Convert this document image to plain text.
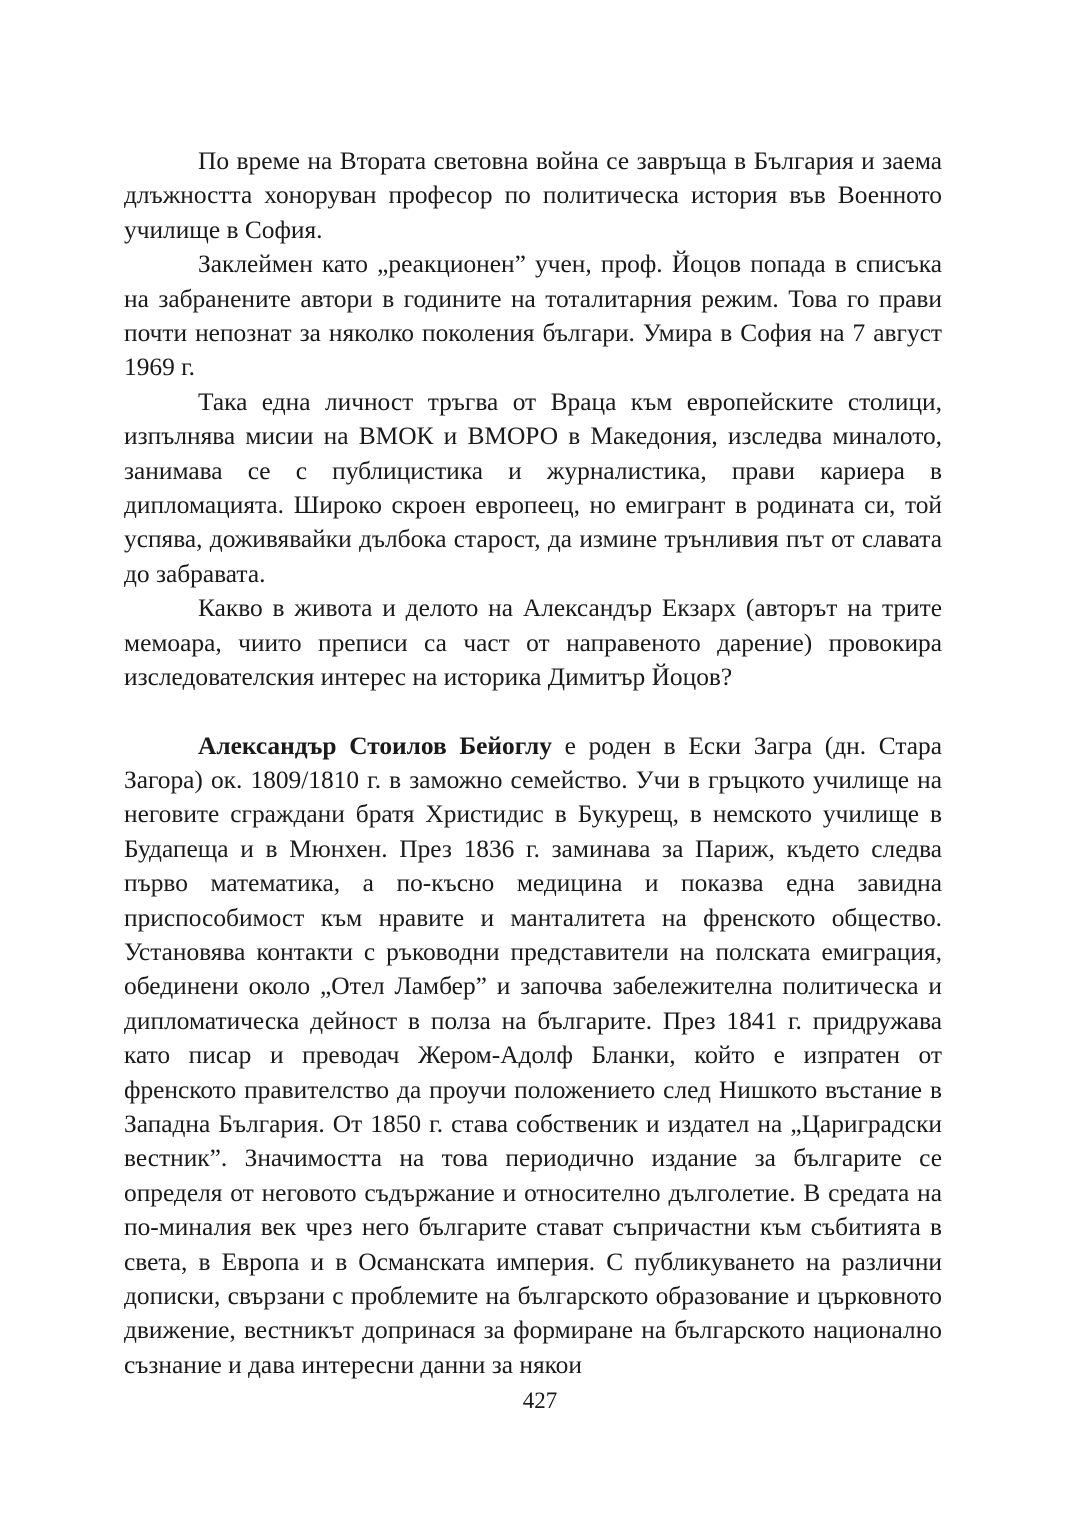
По време на Втората световна война се завръща в България и заема длъжността хоноруван професор по политическа история във Военното училище в София.

Заклеймен като „реакционен” учен, проф. Йоцов попада в списъка на забранените автори в годините на тоталитарния режим. Това го прави почти непознат за няколко поколения българи. Умира в София на 7 август 1969 г.

Така една личност тръгва от Враца към европейските столици, изпълнява мисии на ВМОК и ВМОРО в Македония, изследва миналото, занимава се с публицистика и журналистика, прави кариера в дипломацията. Широко скроен европеец, но емигрант в родината си, той успява, доживявайки дълбока старост, да измине трънливия път от славата до забравата.

Какво в живота и делото на Александър Екзарх (авторът на трите мемоара, чиито преписи са част от направеното дарение) провокира изследователския интерес на историка Димитър Йоцов?

Александър Стоилов Бейоглу е роден в Ески Загра (дн. Стара Загора) ок. 1809/1810 г. в заможно семейство. Учи в гръцкото училище на неговите сграждани братя Христидис в Букурещ, в немското училище в Будапеща и в Мюнхен. През 1836 г. заминава за Париж, където следва първо математика, а по-късно медицина и показва една завидна приспособимост към нравите и манталитета на френското общество. Установява контакти с ръководни представители на полската емиграция, обединени около „Отел Ламбер” и започва забележителна политическа и дипломатическа дейност в полза на българите. През 1841 г. придружава като писар и преводач Жером-Адолф Бланки, който е изпратен от френското правителство да проучи положението след Нишкото въстание в Западна България. От 1850 г. става собственик и издател на „Цариградски вестник”. Значимостта на това периодично издание за българите се определя от неговото съдържание и относително дълголетие. В средата на по-миналия век чрез него българите стават съпричастни към събитията в света, в Европа и в Османската империя. С публикуването на различни дописки, свързани с проблемите на българското образование и църковното движение, вестникът допринася за формиране на българското национално съзнание и дава интересни данни за някои

427
